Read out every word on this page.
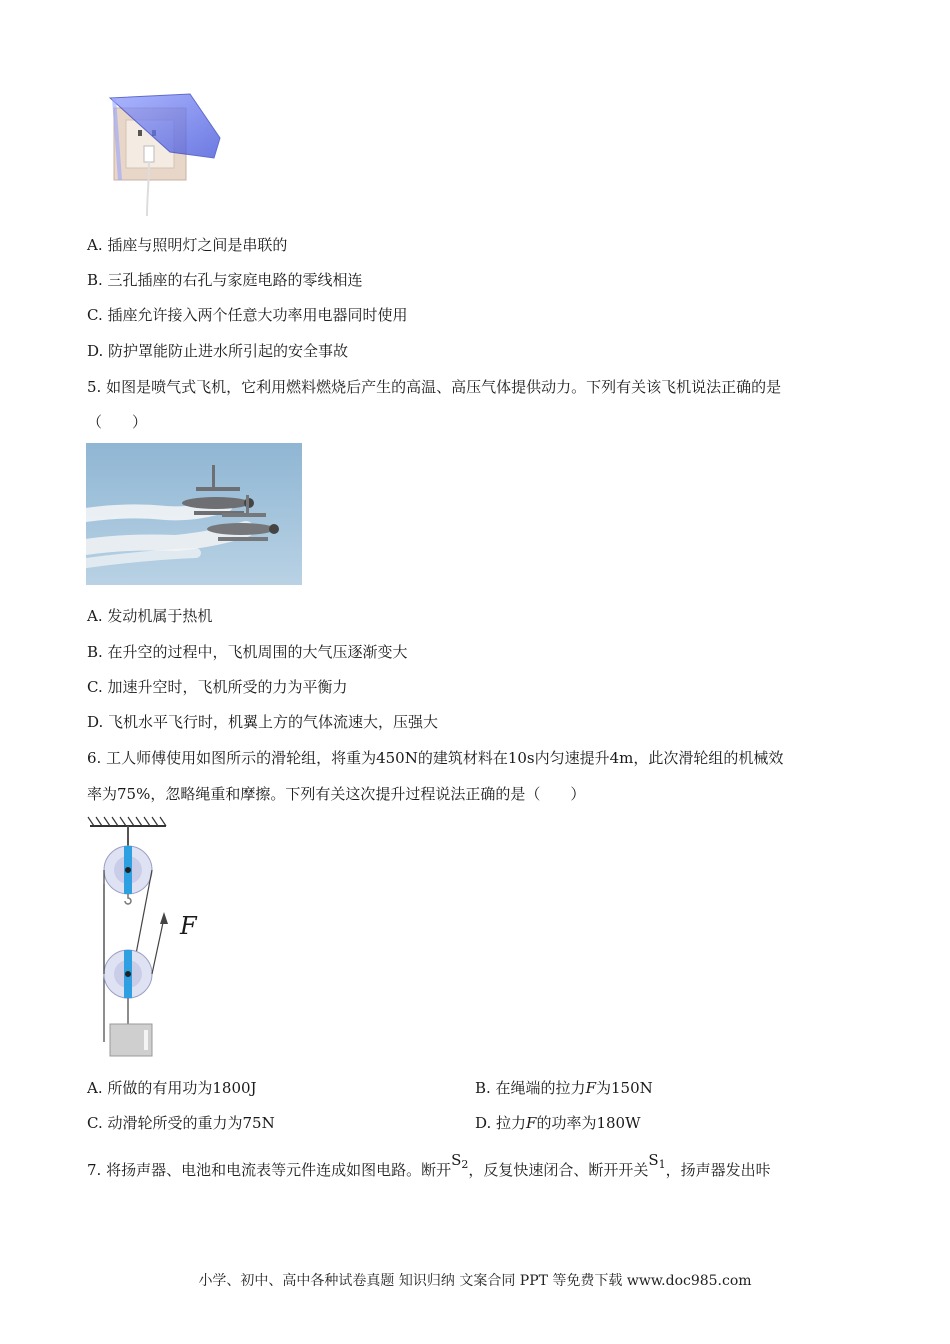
A. 插座与照明灯之间是串联的
B. 三孔插座的右孔与家庭电路的零线相连
C. 插座允许接入两个任意大功率用电器同时使用
D. 防护罩能防止进水所引起的安全事故
5. 如图是喷气式飞机，它利用燃料燃烧后产生的高温、高压气体提供动力。下列有关该飞机说法正确的是
（　　）
A. 发动机属于热机
B. 在升空的过程中，飞机周围的大气压逐渐变大
C. 加速升空时，飞机所受的力为平衡力
D. 飞机水平飞行时，机翼上方的气体流速大，压强大
6. 工人师傅使用如图所示的滑轮组，将重为450N的建筑材料在10s内匀速提升4m，此次滑轮组的机械效
率为75%，忽略绳重和摩擦。下列有关这次提升过程说法正确的是（　　）
F
A. 所做的有用功为1800J	B. 在绳端的拉力F为150N
C. 动滑轮所受的重力为75N	D. 拉力F的功率为180W
7. 将扬声器、电池和电流表等元件连成如图电路。断开$S_2$，反复快速闭合、断开开关$S_1$，扬声器发出咔
小学、初中、高中各种试卷真题 知识归纳 文案合同 PPT 等免费下载 www.doc985.com
